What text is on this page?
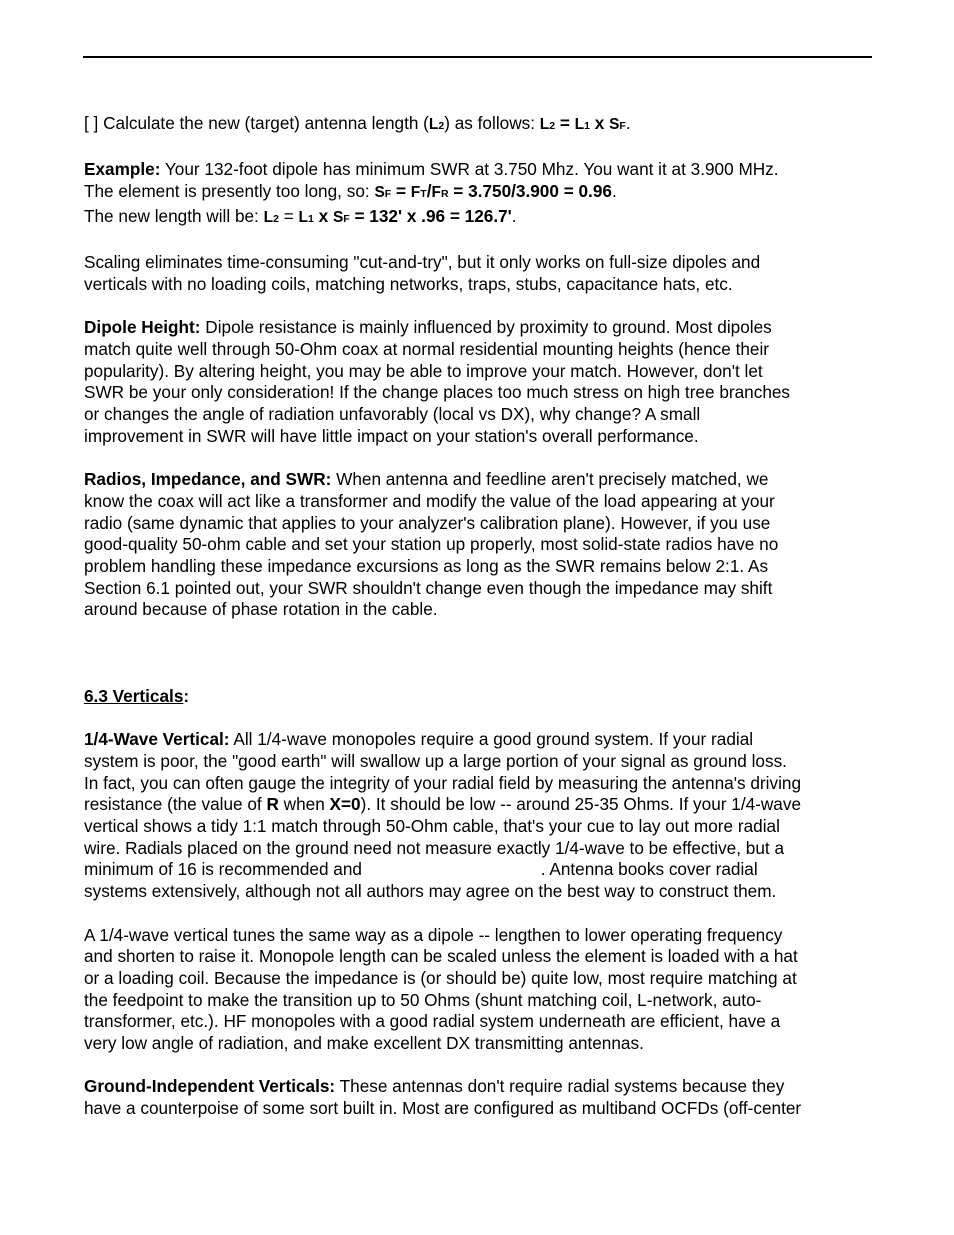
[ ] Calculate the new (target) antenna length (L2) as follows: L2 = L1 x SF.

Example: Your 132-foot dipole has minimum SWR at 3.750 Mhz. You want it at 3.900 MHz.
The element is presently too long, so: SF = FT/FR = 3.750/3.900 = 0.96.
The new length will be: L2 = L1 x SF = 132' x .96 = 126.7'.

Scaling eliminates time-consuming "cut-and-try", but it only works on full-size dipoles and
verticals with no loading coils, matching networks, traps, stubs, capacitance hats, etc.

Dipole Height: Dipole resistance is mainly influenced by proximity to ground. Most dipoles
match quite well through 50-Ohm coax at normal residential mounting heights (hence their
popularity). By altering height, you may be able to improve your match. However, don't let
SWR be your only consideration! If the change places too much stress on high tree branches
or changes the angle of radiation unfavorably (local vs DX), why change? A small
improvement in SWR will have little impact on your station's overall performance.

Radios, Impedance, and SWR: When antenna and feedline aren't precisely matched, we
know the coax will act like a transformer and modify the value of the load appearing at your
radio (same dynamic that applies to your analyzer's calibration plane). However, if you use
good-quality 50-ohm cable and set your station up properly, most solid-state radios have no
problem handling these impedance excursions as long as the SWR remains below 2:1. As
Section 6.1 pointed out, your SWR shouldn't change even though the impedance may shift
around because of phase rotation in the cable.

6.3 Verticals:

1/4-Wave Vertical: All 1/4-wave monopoles require a good ground system. If your radial
system is poor, the "good earth" will swallow up a large portion of your signal as ground loss.
In fact, you can often gauge the integrity of your radial field by measuring the antenna's driving
resistance (the value of R when X=0). It should be low -- around 25-35 Ohms. If your 1/4-wave
vertical shows a tidy 1:1 match through 50-Ohm cable, that's your cue to lay out more radial
wire. Radials placed on the ground need not measure exactly 1/4-wave to be effective, but a
minimum of 16 is recommended and	. Antenna books cover radial
systems extensively, although not all authors may agree on the best way to construct them.

A 1/4-wave vertical tunes the same way as a dipole -- lengthen to lower operating frequency
and shorten to raise it. Monopole length can be scaled unless the element is loaded with a hat
or a loading coil. Because the impedance is (or should be) quite low, most require matching at
the feedpoint to make the transition up to 50 Ohms (shunt matching coil, L-network, auto-
transformer, etc.). HF monopoles with a good radial system underneath are efficient, have a
very low angle of radiation, and make excellent DX transmitting antennas.

Ground-Independent Verticals: These antennas don't require radial systems because they
have a counterpoise of some sort built in. Most are configured as multiband OCFDs (off-center
